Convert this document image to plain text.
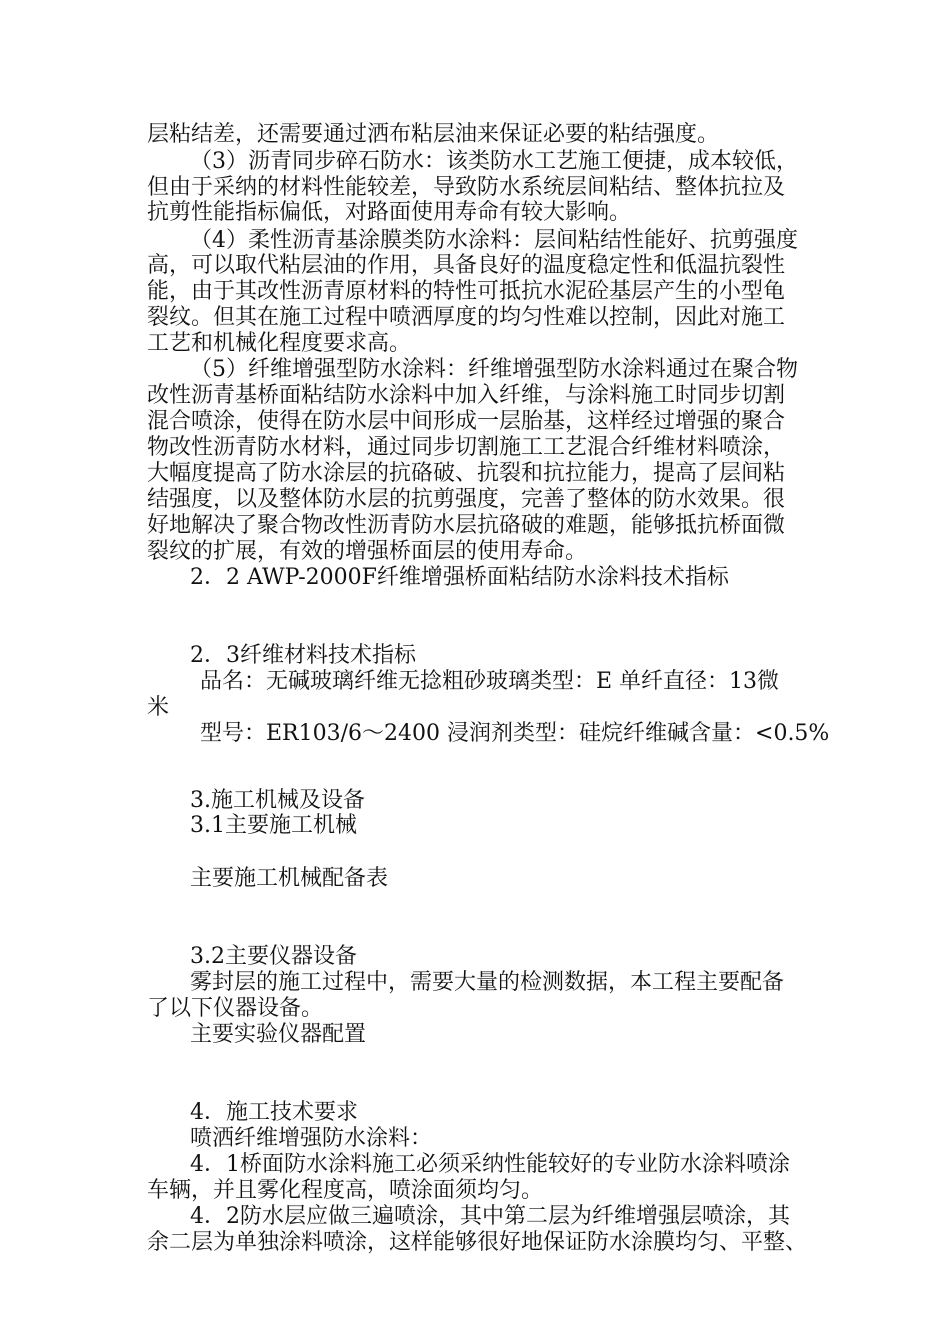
层粘结差，还需要通过洒布粘层油来保证必要的粘结强度。
（3）沥青同步碎石防水：该类防水工艺施工便捷，成本较低，
但由于采纳的材料性能较差，导致防水系统层间粘结、整体抗拉及
抗剪性能指标偏低，对路面使用寿命有较大影响。
（4）柔性沥青基涂膜类防水涂料：层间粘结性能好、抗剪强度
高，可以取代粘层油的作用，具备良好的温度稳定性和低温抗裂性
能，由于其改性沥青原材料的特性可抵抗水泥砼基层产生的小型龟
裂纹。但其在施工过程中喷洒厚度的均匀性难以控制，因此对施工
工艺和机械化程度要求高。
（5）纤维增强型防水涂料：纤维增强型防水涂料通过在聚合物
改性沥青基桥面粘结防水涂料中加入纤维，与涂料施工时同步切割
混合喷涂，使得在防水层中间形成一层胎基，这样经过增强的聚合
物改性沥青防水材料，通过同步切割施工工艺混合纤维材料喷涂，
大幅度提高了防水涂层的抗硌破、抗裂和抗拉能力，提高了层间粘
结强度，以及整体防水层的抗剪强度，完善了整体的防水效果。很
好地解决了聚合物改性沥青防水层抗硌破的难题，能够抵抗桥面微
裂纹的扩展，有效的增强桥面层的使用寿命。
2．2 AWP-2000F纤维增强桥面粘结防水涂料技术指标
2．3纤维材料技术指标
品名：无碱玻璃纤维无捻粗砂玻璃类型：E 单纤直径：13微
米
型号：ER103/6～2400 浸润剂类型：硅烷纤维碱含量：<0.5%
3.施工机械及设备
3.1主要施工机械
主要施工机械配备表
3.2主要仪器设备
雾封层的施工过程中，需要大量的检测数据，本工程主要配备
了以下仪器设备。
主要实验仪器配置
4．施工技术要求
喷洒纤维增强防水涂料：
4．1桥面防水涂料施工必须采纳性能较好的专业防水涂料喷涂
车辆，并且雾化程度高，喷涂面须均匀。
4．2防水层应做三遍喷涂，其中第二层为纤维增强层喷涂，其
余二层为单独涂料喷涂，这样能够很好地保证防水涂膜均匀、平整、
